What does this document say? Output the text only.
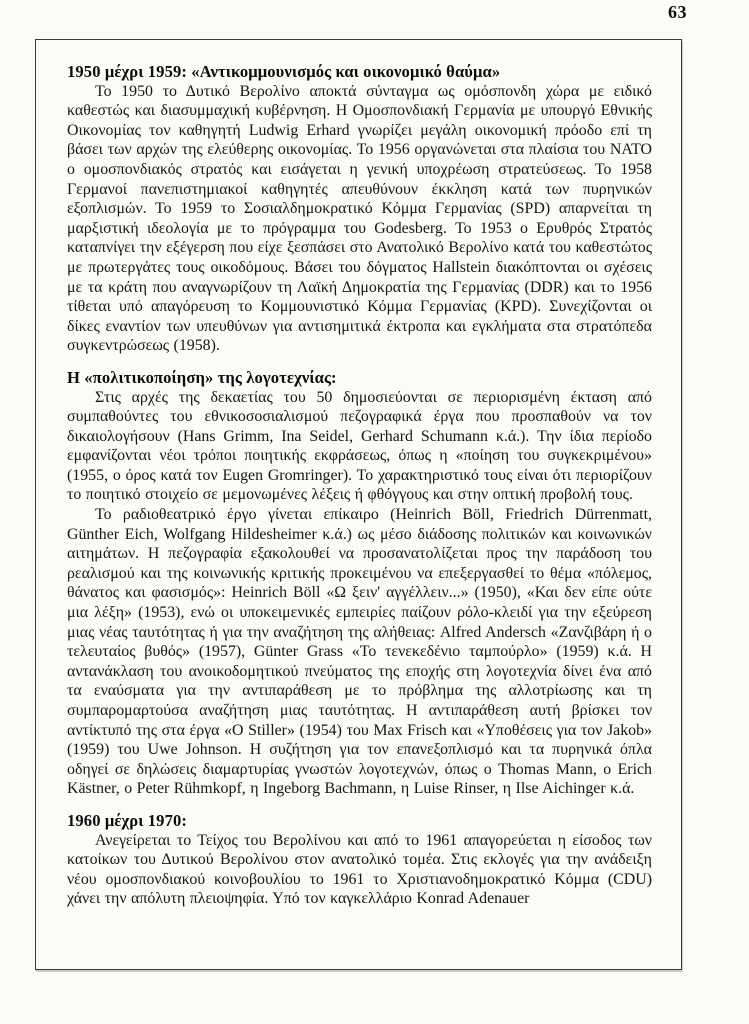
63
1950 μέχρι 1959: «Αντικομμουνισμός και οικονομικό θαύμα»

Το 1950 το Δυτικό Βερολίνο αποκτά σύνταγμα ως ομόσπονδη χώρα με ειδικό καθεστώς και διασυμμαχική κυβέρνηση. Η Ομοσπονδιακή Γερμανία με υπουργό Εθνικής Οικονομίας τον καθηγητή Ludwig Erhard γνωρίζει μεγάλη οικονομική πρόοδο επί τη βάσει των αρχών της ελεύθερης οικονομίας. Το 1956 οργανώνεται στα πλαίσια του ΝΑΤΟ ο ομοσπονδιακός στρατός και εισάγεται η γενική υποχρέωση στρατεύσεως. Το 1958 Γερμανοί πανεπιστημιακοί καθηγητές απευθύνουν έκκληση κατά των πυρηνικών εξοπλισμών. Το 1959 το Σοσιαλδημοκρατικό Κόμμα Γερμανίας (SPD) απαρνείται τη μαρξιστική ιδεολογία με το πρόγραμμα του Godesberg. Το 1953 ο Ερυθρός Στρατός καταπνίγει την εξέγερση που είχε ξεσπάσει στο Ανατολικό Βερολίνο κατά του καθεστώτος με πρωτεργάτες τους οικοδόμους. Βάσει του δόγματος Hallstein διακόπτονται οι σχέσεις με τα κράτη που αναγνωρίζουν τη Λαϊκή Δημοκρατία της Γερμανίας (DDR) και το 1956 τίθεται υπό απαγόρευση το Κομμουνιστικό Κόμμα Γερμανίας (KPD). Συνεχίζονται οι δίκες εναντίον των υπευθύνων για αντισημιτικά έκτροπα και εγκλήματα στα στρατόπεδα συγκεντρώσεως (1958).

Η «πολιτικοποίηση» της λογοτεχνίας:

Στις αρχές της δεκαετίας του 50 δημοσιεύονται σε περιορισμένη έκταση από συμπαθούντες του εθνικοσοσιαλισμού πεζογραφικά έργα που προσπαθούν να τον δικαιολογήσουν (Hans Grimm, Ina Seidel, Gerhard Schumann κ.ά.). Την ίδια περίοδο εμφανίζονται νέοι τρόποι ποιητικής εκφράσεως, όπως η «ποίηση του συγκεκριμένου» (1955, ο όρος κατά τον Eugen Gromringer). Το χαρακτηριστικό τους είναι ότι περιορίζουν το ποιητικό στοιχείο σε μεμονωμένες λέξεις ή φθόγγους και στην οπτική προβολή τους.

Το ραδιοθεατρικό έργο γίνεται επίκαιρο (Heinrich Böll, Friedrich Dürrenmatt, Günther Eich, Wolfgang Hildesheimer κ.ά.) ως μέσο διάδοσης πολιτικών και κοινωνικών αιτημάτων. Η πεζογραφία εξακολουθεί να προσανατολίζεται προς την παράδοση του ρεαλισμού και της κοινωνικής κριτικής προκειμένου να επεξεργασθεί το θέμα «πόλεμος, θάνατος και φασισμός»: Heinrich Böll «Ω ξειν' αγγέλλειν...» (1950), «Και δεν είπε ούτε μια λέξη» (1953), ενώ οι υποκειμενικές εμπειρίες παίζουν ρόλο-κλειδί για την εξεύρεση μιας νέας ταυτότητας ή για την αναζήτηση της αλήθειας: Alfred Andersch «Ζανζιβάρη ή ο τελευταίος βυθός» (1957), Günter Grass «Το τενεκεδένιο ταμπούρλο» (1959) κ.ά. Η αντανάκλαση του ανοικοδομητικού πνεύματος της εποχής στη λογοτεχνία δίνει ένα από τα εναύσματα για την αντιπαράθεση με το πρόβλημα της αλλοτρίωσης και τη συμπαρομαρτούσα αναζήτηση μιας ταυτότητας. Η αντιπαράθεση αυτή βρίσκει τον αντίκτυπό της στα έργα «Ο Stiller» (1954) του Max Frisch και «Υποθέσεις για τον Jakob» (1959) του Uwe Johnson. Η συζήτηση για τον επανεξοπλισμό και τα πυρηνικά όπλα οδηγεί σε δηλώσεις διαμαρτυρίας γνωστών λογοτεχνών, όπως ο Thomas Mann, ο Erich Kästner, ο Peter Rühmkopf, η Ingeborg Bachmann, η Luise Rinser, η Ilse Aichinger κ.ά.

1960 μέχρι 1970:

Ανεγείρεται το Τείχος του Βερολίνου και από το 1961 απαγορεύεται η είσοδος των κατοίκων του Δυτικού Βερολίνου στον ανατολικό τομέα. Στις εκλογές για την ανάδειξη νέου ομοσπονδιακού κοινοβουλίου το 1961 το Χριστιανοδημοκρατικό Κόμμα (CDU) χάνει την απόλυτη πλειοψηφία. Υπό τον καγκελλάριο Konrad Adenauer
